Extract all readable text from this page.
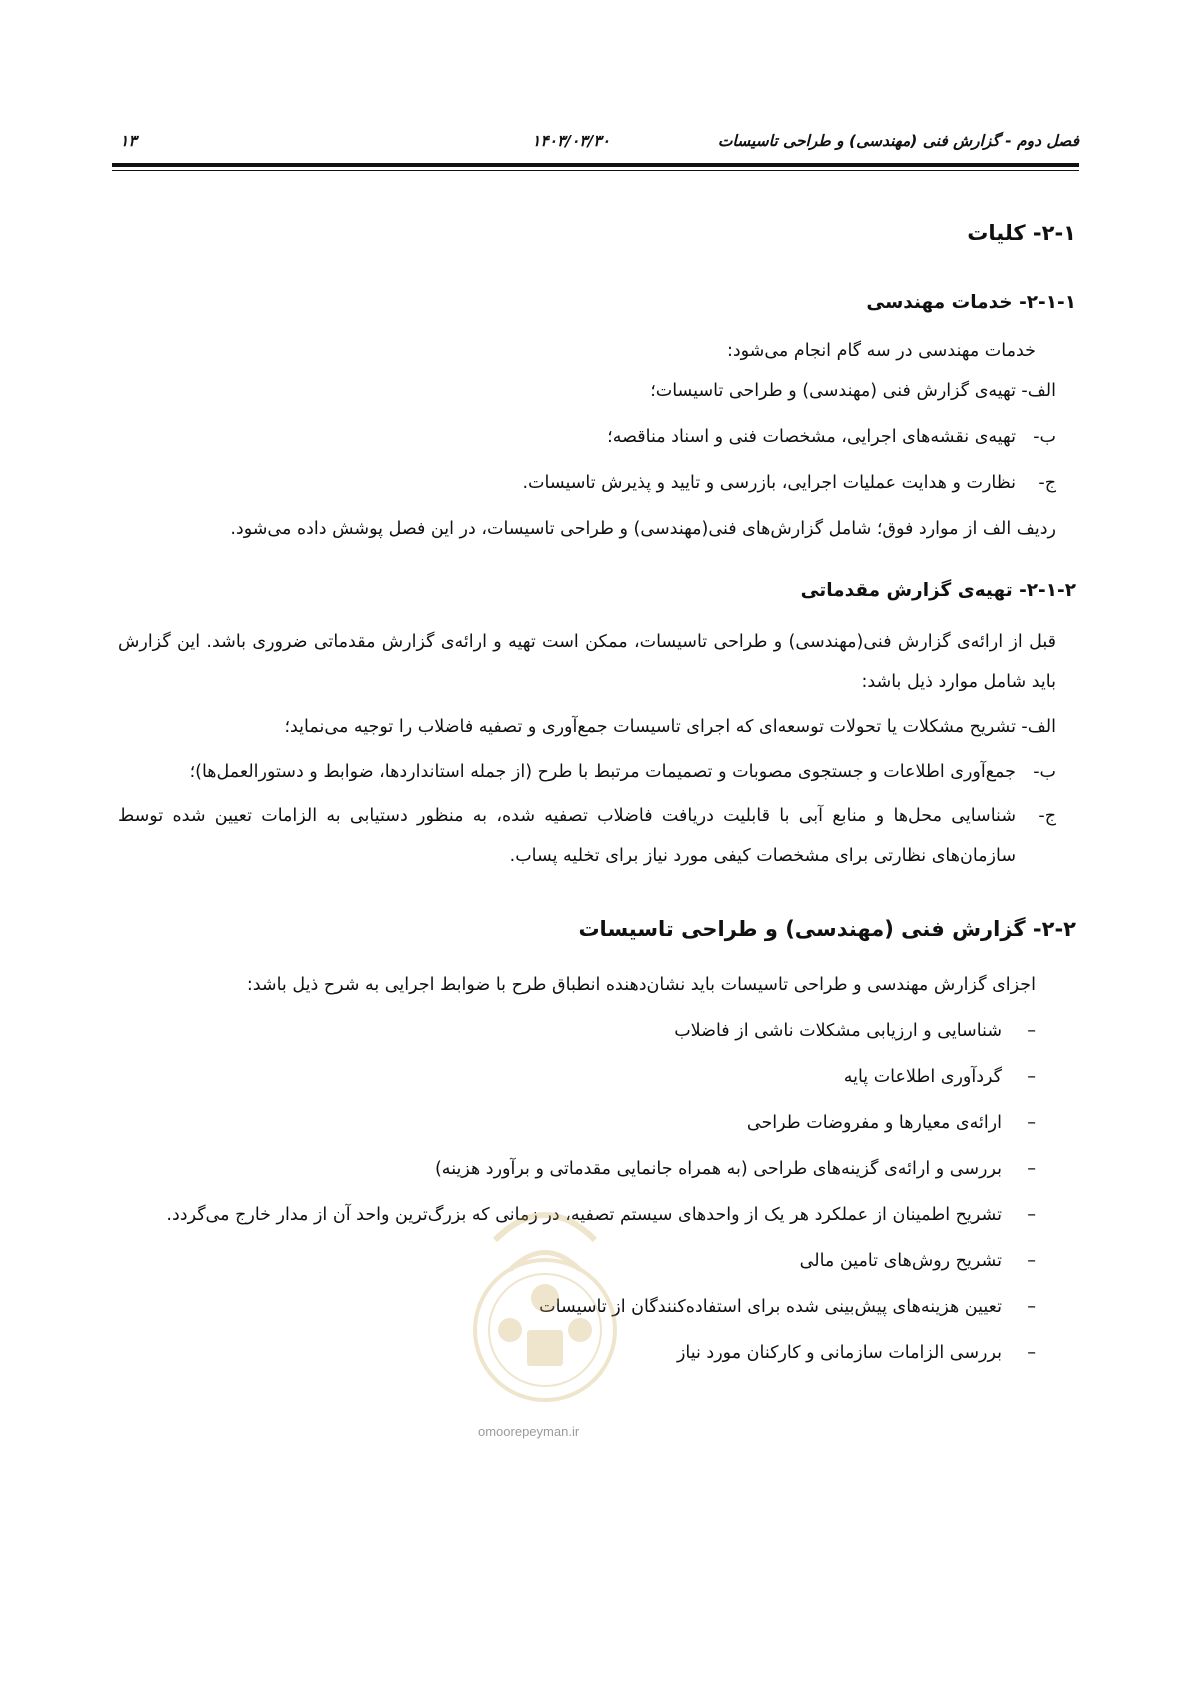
فصل دوم - گزارش فنی (مهندسی) و طراحی تاسیسات
۱۴۰۳/۰۳/۳۰
۱۳
۲-۱- کلیات
۲-۱-۱- خدمات مهندسی

خدمات مهندسی در سه گام انجام می‌شود:

الف-
تهیه‌ی گزارش فنی (مهندسی) و طراحی تاسیسات؛
ب-
تهیه‌ی نقشه‌های اجرایی، مشخصات فنی و اسناد مناقصه؛
ج-
نظارت و هدایت عملیات اجرایی، بازرسی و تایید و پذیرش تاسیسات.

ردیف الف از موارد فوق؛ شامل گزارش‌های فنی(مهندسی) و طراحی تاسیسات، در این فصل پوشش داده می‌شود.

۲-۱-۲- تهیه‌ی گزارش مقدماتی

قبل از ارائه‌ی گزارش فنی(مهندسی) و طراحی تاسیسات، ممکن است تهیه و ارائه‌ی گزارش مقدماتی ضروری باشد. این گزارش باید شامل موارد ذیل باشد:

الف-
تشریح مشکلات یا تحولات توسعه‌ای که اجرای تاسیسات جمع‌آوری و تصفیه فاضلاب را توجیه می‌نماید؛
ب-
جمع‌آوری اطلاعات و جستجوی مصوبات و تصمیمات مرتبط با طرح (از جمله استانداردها، ضوابط و دستورالعمل‌ها)؛
ج-
شناسایی محل‌ها و منابع آبی با قابلیت دریافت فاضلاب تصفیه شده، به منظور دستیابی به الزامات تعیین شده توسط سازمان‌های نظارتی برای مشخصات کیفی مورد نیاز برای تخلیه پساب.
۲-۲- گزارش فنی (مهندسی) و طراحی تاسیسات

اجزای گزارش مهندسی و طراحی تاسیسات باید نشان‌دهنده انطباق طرح با ضوابط اجرایی به شرح ذیل باشد:

–
شناسایی و ارزیابی مشکلات ناشی از فاضلاب
–
گردآوری اطلاعات پایه
–
ارائه‌ی معیارها و مفروضات طراحی
–
بررسی و ارائه‌ی گزینه‌های طراحی (به همراه جانمایی مقدماتی و برآورد هزینه)
–
تشریح اطمینان از عملکرد هر یک از واحدهای سیستم تصفیه، در زمانی که بزرگ‌ترین واحد آن از مدار خارج می‌گردد.
–
تشریح روش‌های تامین مالی
–
تعیین هزینه‌های پیش‌بینی شده برای استفاده‌کنندگان از تاسیسات
–
بررسی الزامات سازمانی و کارکنان مورد نیاز
omoorepeyman.ir
